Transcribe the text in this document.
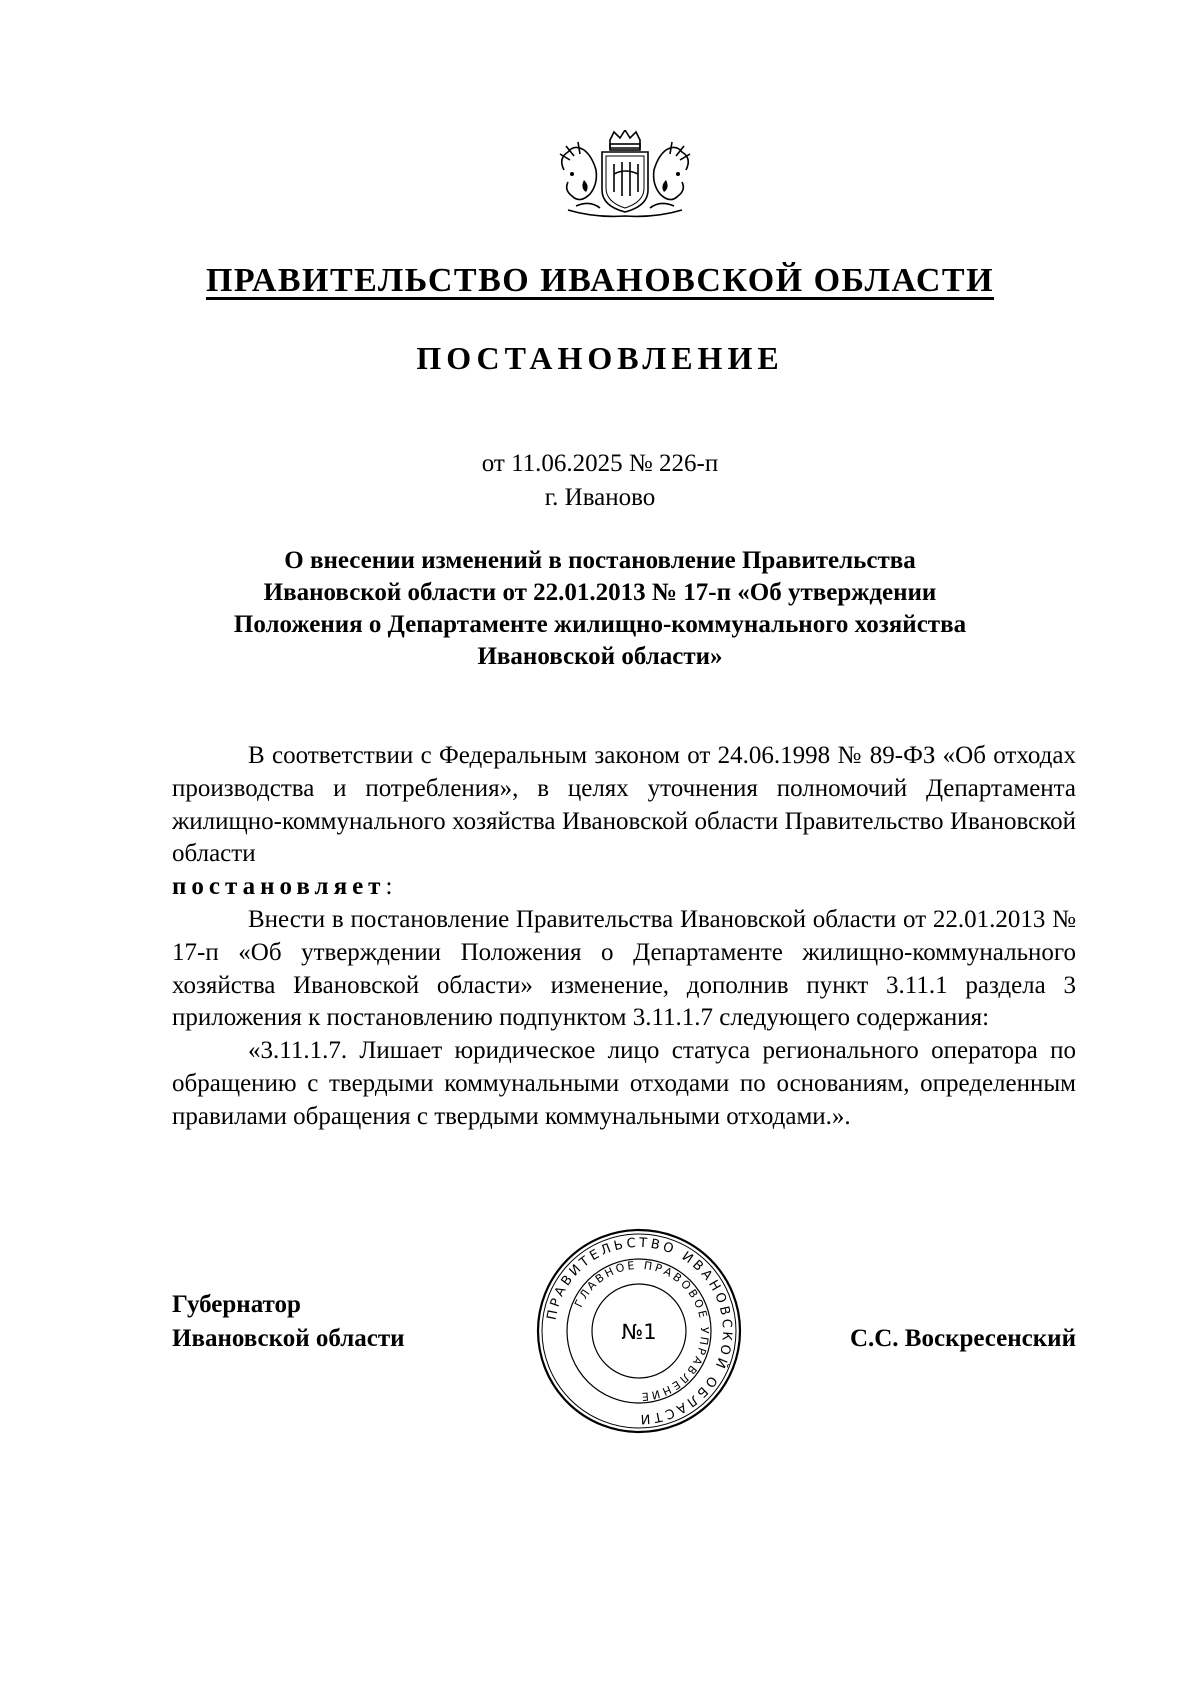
ПРАВИТЕЛЬСТВО ИВАНОВСКОЙ ОБЛАСТИ
ПОСТАНОВЛЕНИЕ
от 11.06.2025 № 226-п
г. Иваново
О внесении изменений в постановление Правительства
Ивановской области от 22.01.2013 № 17-п «Об утверждении
Положения о Департаменте жилищно-коммунального хозяйства
Ивановской области»

В соответствии с Федеральным законом от 24.06.1998 № 89-ФЗ «Об отходах производства и потребления», в целях уточнения полномочий Департамента жилищно-коммунального хозяйства Ивановской области Правительство Ивановской области

постановляет:

Внести в постановление Правительства Ивановской области от 22.01.2013 № 17-п «Об утверждении Положения о Департаменте жилищно-коммунального хозяйства Ивановской области» изменение, дополнив пункт 3.11.1 раздела 3 приложения к постановлению подпунктом 3.11.1.7 следующего содержания:

«3.11.1.7. Лишает юридическое лицо статуса регионального оператора по обращению с твердыми коммунальными отходами по основаниям, определенным правилами обращения с твердыми коммунальными отходами.».

Губернатор
Ивановской области	С.С. Воскресенский
ПРАВИТЕЛЬСТВО ИВАНОВСКОЙ ОБЛАСТИ
ГЛАВНОЕ ПРАВОВОЕ УПРАВЛЕНИЕ
№1
